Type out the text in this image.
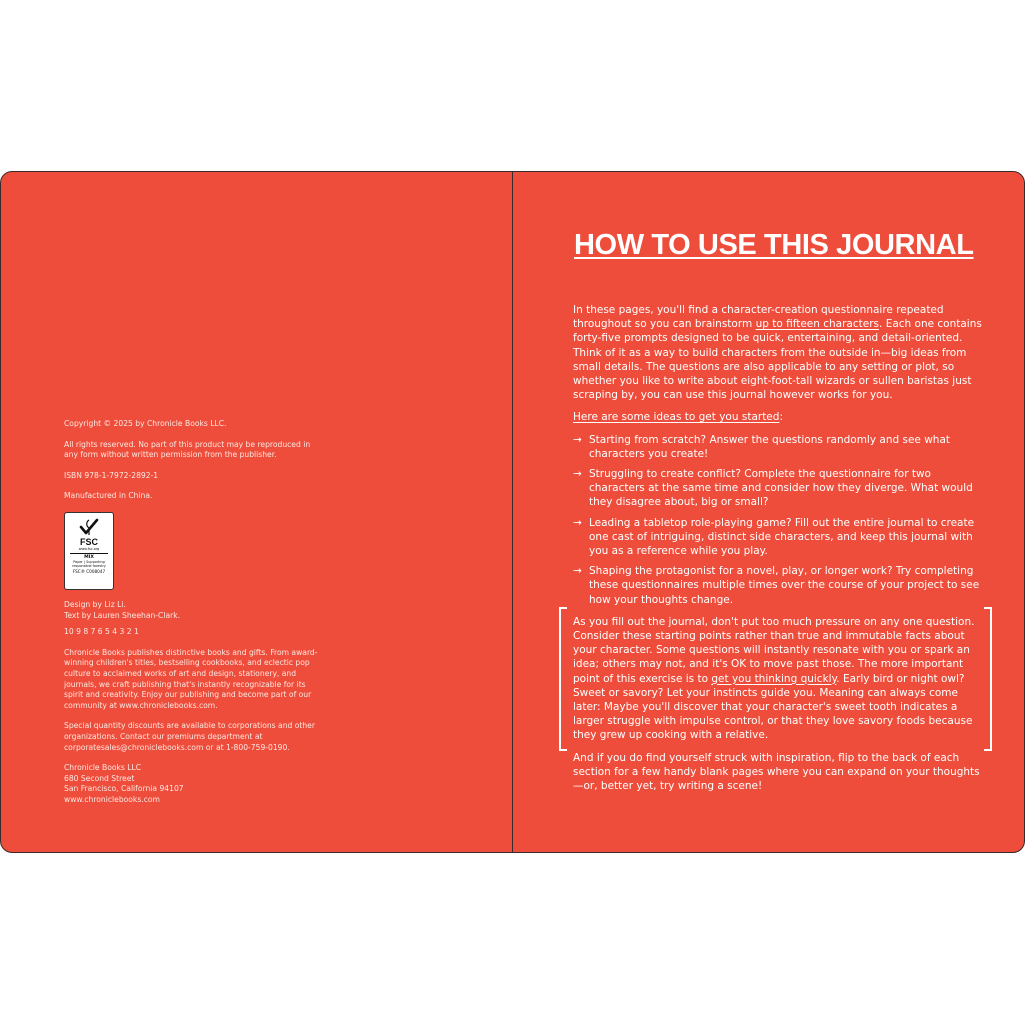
Copyright © 2025 by Chronicle Books LLC.

All rights reserved. No part of this product may be reproduced in any form without written permission from the publisher.

ISBN 978-1-7972-2892-1

Manufactured in China.

FSC
www.fsc.org
MIX
Paper | Supporting responsible forestry
FSC® C008047

Design by Liz Li.
Text by Lauren Sheehan-Clark.

10 9 8 7 6 5 4 3 2 1

Chronicle Books publishes distinctive books and gifts. From award-winning children's titles, bestselling cookbooks, and eclectic pop culture to acclaimed works of art and design, stationery, and journals, we craft publishing that's instantly recognizable for its spirit and creativity. Enjoy our publishing and become part of our community at www.chroniclebooks.com.

Special quantity discounts are available to corporations and other organizations. Contact our premiums department at corporatesales@chroniclebooks.com or at 1-800-759-0190.

Chronicle Books LLC
680 Second Street
San Francisco, California 94107
www.chroniclebooks.com

HOW TO USE THIS JOURNAL

In these pages, you'll find a character-creation questionnaire repeated throughout so you can brainstorm up to fifteen characters. Each one contains forty-five prompts designed to be quick, entertaining, and detail-oriented. Think of it as a way to build characters from the outside in—big ideas from small details. The questions are also applicable to any setting or plot, so whether you like to write about eight-foot-tall wizards or sullen baristas just scraping by, you can use this journal however works for you.

Here are some ideas to get you started:

→ Starting from scratch? Answer the questions randomly and see what characters you create!
→ Struggling to create conflict? Complete the questionnaire for two characters at the same time and consider how they diverge. What would they disagree about, big or small?
→ Leading a tabletop role-playing game? Fill out the entire journal to create one cast of intriguing, distinct side characters, and keep this journal with you as a reference while you play.
→ Shaping the protagonist for a novel, play, or longer work? Try completing these questionnaires multiple times over the course of your project to see how your thoughts change.

As you fill out the journal, don't put too much pressure on any one question. Consider these starting points rather than true and immutable facts about your character. Some questions will instantly resonate with you or spark an idea; others may not, and it's OK to move past those. The more important point of this exercise is to get you thinking quickly. Early bird or night owl? Sweet or savory? Let your instincts guide you. Meaning can always come later: Maybe you'll discover that your character's sweet tooth indicates a larger struggle with impulse control, or that they love savory foods because they grew up cooking with a relative.

And if you do find yourself struck with inspiration, flip to the back of each section for a few handy blank pages where you can expand on your thoughts—or, better yet, try writing a scene!
